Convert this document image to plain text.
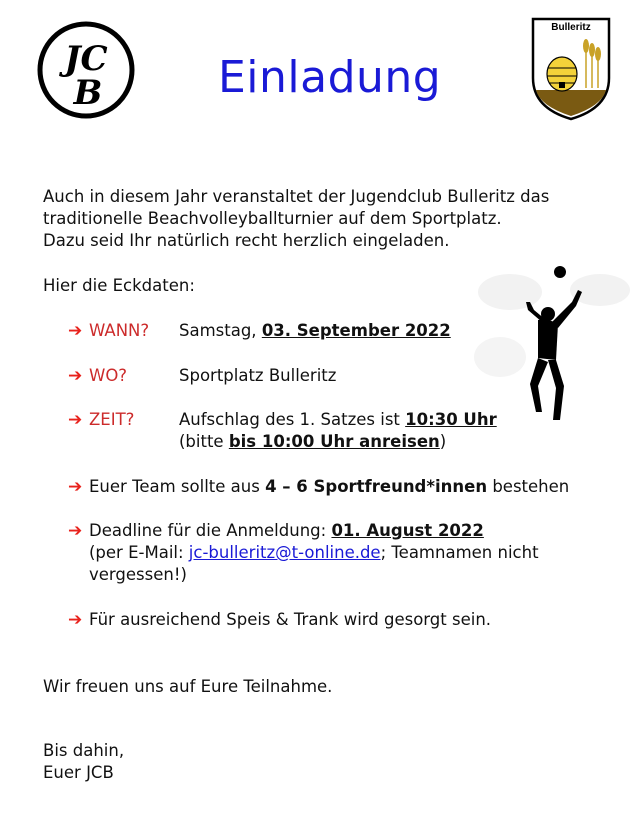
JC
B	Einladung
Bulleritz
Auch in diesem Jahr veranstaltet der Jugendclub Bulleritz das
traditionelle Beachvolleyballturnier auf dem Sportplatz.
Dazu seid Ihr natürlich recht herzlich eingeladen.
Hier die Eckdaten:
➔ WANN? Samstag, 03. September 2022
➔ WO?	Sportplatz Bulleritz
➔ ZEIT?	Aufschlag des 1. Satzes ist 10:30 Uhr
(bitte bis 10:00 Uhr anreisen)
➔ Euer Team sollte aus 4 – 6 Sportfreund*innen bestehen
➔ Deadline für die Anmeldung: 01. August 2022
(per E-Mail: jc-bulleritz@t-online.de; Teamnamen nicht
vergessen!)
➔ Für ausreichend Speis & Trank wird gesorgt sein.
Wir freuen uns auf Eure Teilnahme.
Bis dahin,
Euer JCB
